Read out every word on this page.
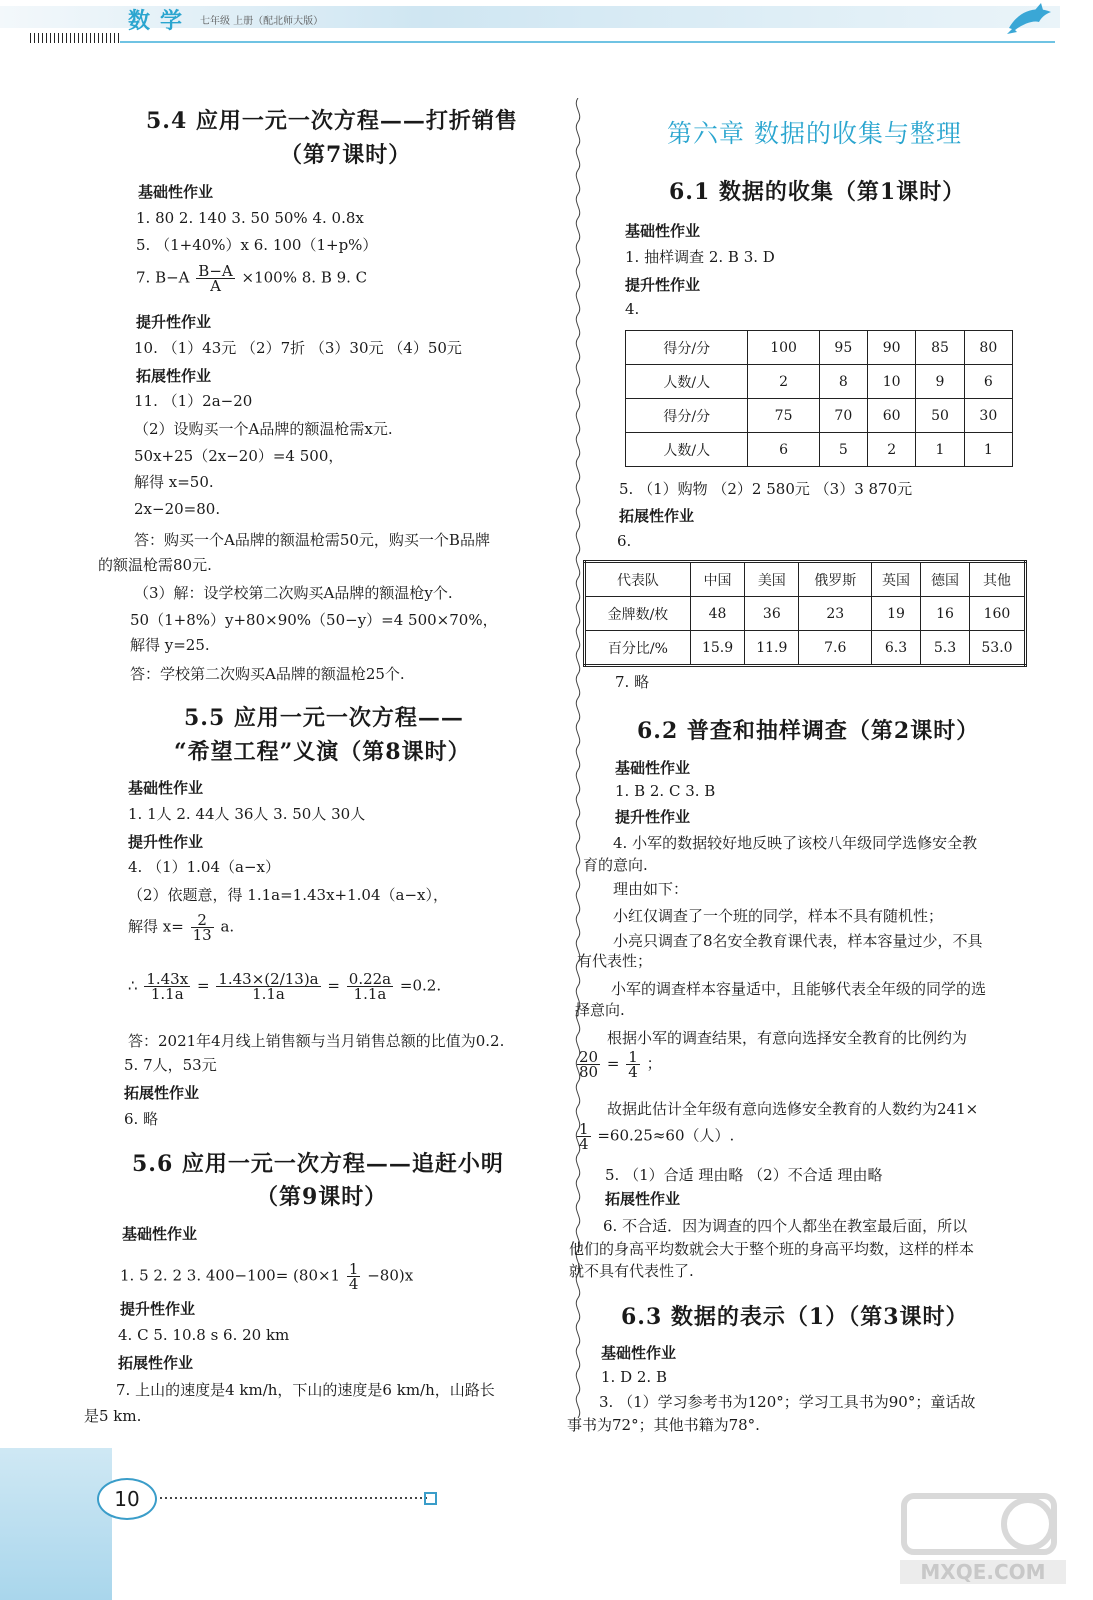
数学 七年级 上册（配北师大版）
5.4 应用一元一次方程——打折销售
（第7课时）
基础性作业
1. 80 2. 140 3. 50 50% 4. 0.8x
5. （1+40%）x 6. 100（1+p%）
7. $B-A \frac{B-A}{A} \times 100\%$ 8. B 9. C
提升性作业
10. （1）43元 （2）7折 （3）30元 （4）50元
拓展性作业
11. （1）2a−20
（2）设购买一个A品牌的额温枪需x元.
50x+25（2x−20）=4 500，
解得 x=50.
2x−20=80.
答：购买一个A品牌的额温枪需50元，购买一个B品牌
的额温枪需80元.
（3）解：设学校第二次购买A品牌的额温枪y个.
50（1+8%）y+80×90%（50−y）=4 500×70%，
解得 y=25.
答：学校第二次购买A品牌的额温枪25个.
5.5 应用一元一次方程——
“希望工程”义演（第8课时）
基础性作业
1. 1人 2. 44人 36人 3. 50人 30人
提升性作业
4. （1）1.04（a−x）
（2）依题意，得 1.1a=1.43x+1.04（a−x），
解得 $x= \frac{2}{13} a$.
∴ $\frac{1.43x}{1.1a} = \frac{1.43\times(2/13)a}{1.1a} = \frac{0.22a}{1.1a} =0.2$.
答：2021年4月线上销售额与当月销售总额的比值为0.2.
5. 7人，53元
拓展性作业
6. 略
5.6 应用一元一次方程——追赶小明
（第9课时）
基础性作业
1. 5 2. 2 3. $400-100= (80\times 1 \frac{1}{4} -80)x$
提升性作业
4. C 5. 10.8 s 6. 20 km
拓展性作业
7. 上山的速度是4 km/h，下山的速度是6 km/h，山路长
是5 km.
第六章 数据的收集与整理
6.1 数据的收集（第1课时）
基础性作业
1. 抽样调查 2. B 3. D
提升性作业
4.
得分/分	100	95	90	85	80
人数/人	2	8	10	9	6
得分/分	75	70	60	50	30
人数/人	6	5	2	1	1
5. （1）购物 （2）2 580元 （3）3 870元
拓展性作业
6.
代表队	中国	美国	俄罗斯	英国	德国	其他
金牌数/枚	48	36	23	19	16	160
百分比/%	15.9	11.9	7.6	6.3	5.3	53.0
7. 略
6.2 普查和抽样调查（第2课时）
基础性作业
1. B 2. C 3. B
提升性作业
4. 小军的数据较好地反映了该校八年级同学选修安全教
育的意向.
理由如下：
小红仅调查了一个班的同学，样本不具有随机性；
小亮只调查了8名安全教育课代表，样本容量过少，不具
有代表性；
小军的调查样本容量适中，且能够代表全年级的同学的选
择意向.
根据小军的调查结果，有意向选择安全教育的比例约为
$\frac{20}{80} = \frac{1}{4}$ ；
故据此估计全年级有意向选修安全教育的人数约为241×
$\frac{1}{4} =60.25\approx 60$（人）.
5. （1）合适 理由略 （2）不合适 理由略
拓展性作业
6. 不合适．因为调查的四个人都坐在教室最后面，所以
他们的身高平均数就会大于整个班的身高平均数，这样的样本
就不具有代表性了.
6.3 数据的表示（1）（第3课时）
基础性作业
1. D 2. B
3. （1）学习参考书为120°；学习工具书为90°；童话故
事书为72°；其他书籍为78°.
10
MXQE.COM
